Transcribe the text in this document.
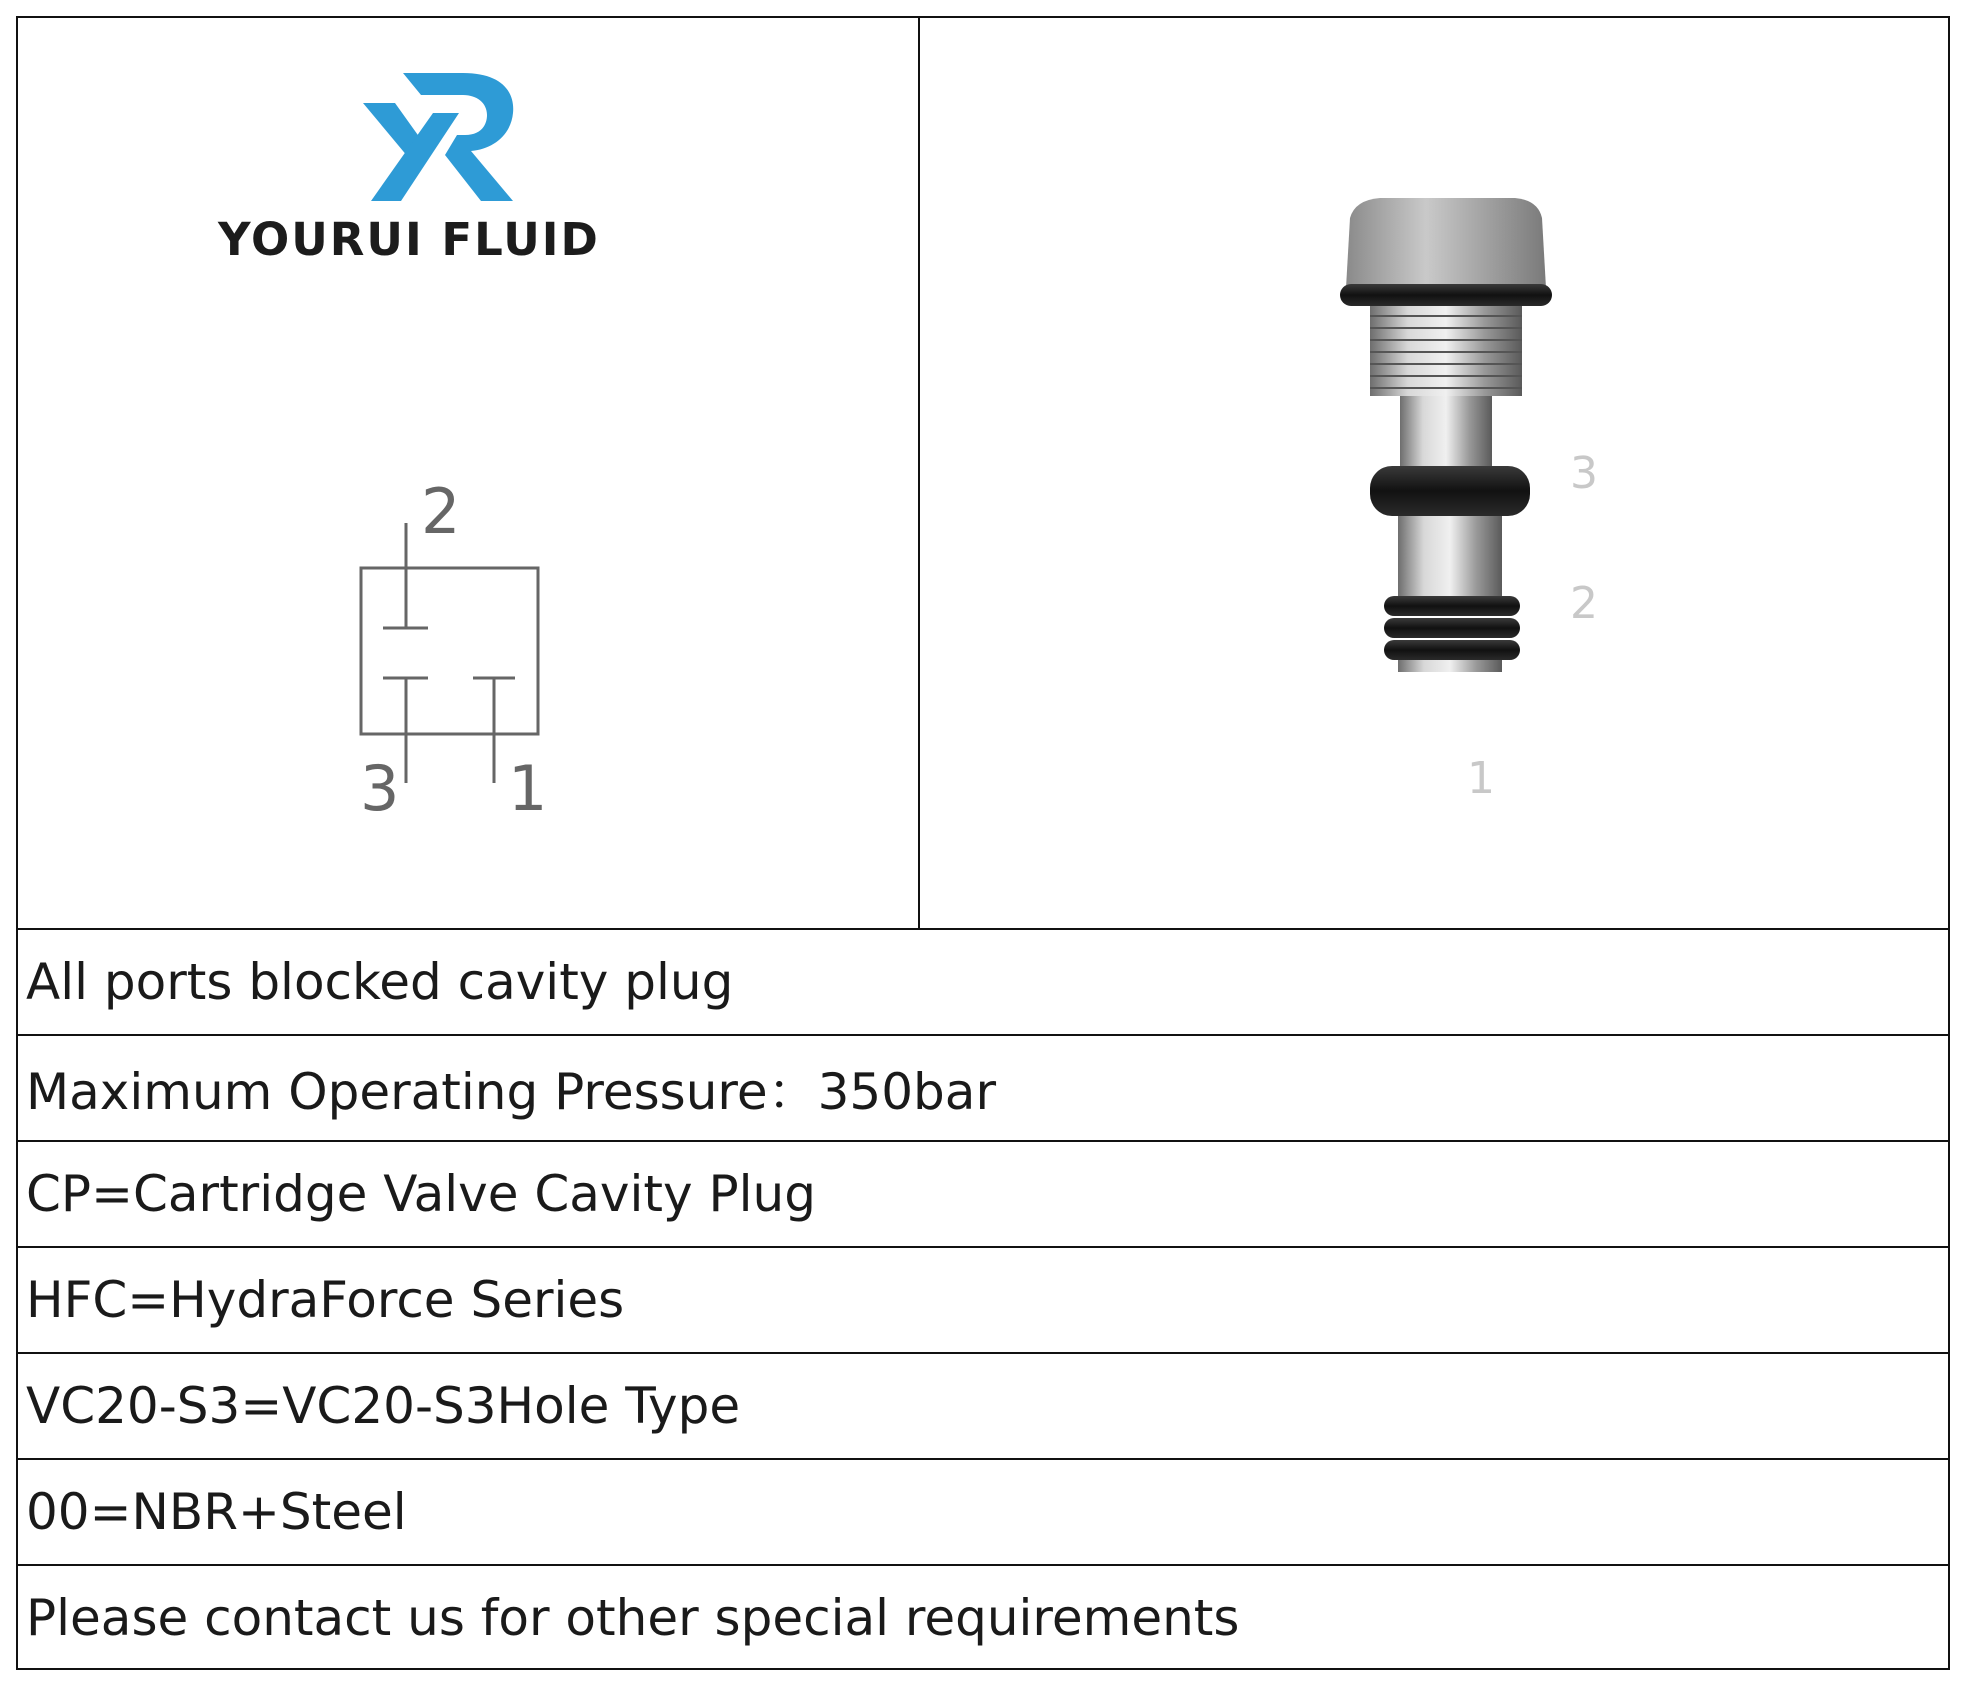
YOURUI FLUID
2
3 1
3
2
1
All ports blocked cavity plug
Maximum Operating Pressure：350bar
CP=Cartridge Valve Cavity Plug
HFC=HydraForce Series
VC20-S3=VC20-S3Hole Type
00=NBR+Steel
Please contact us for other special requirements
